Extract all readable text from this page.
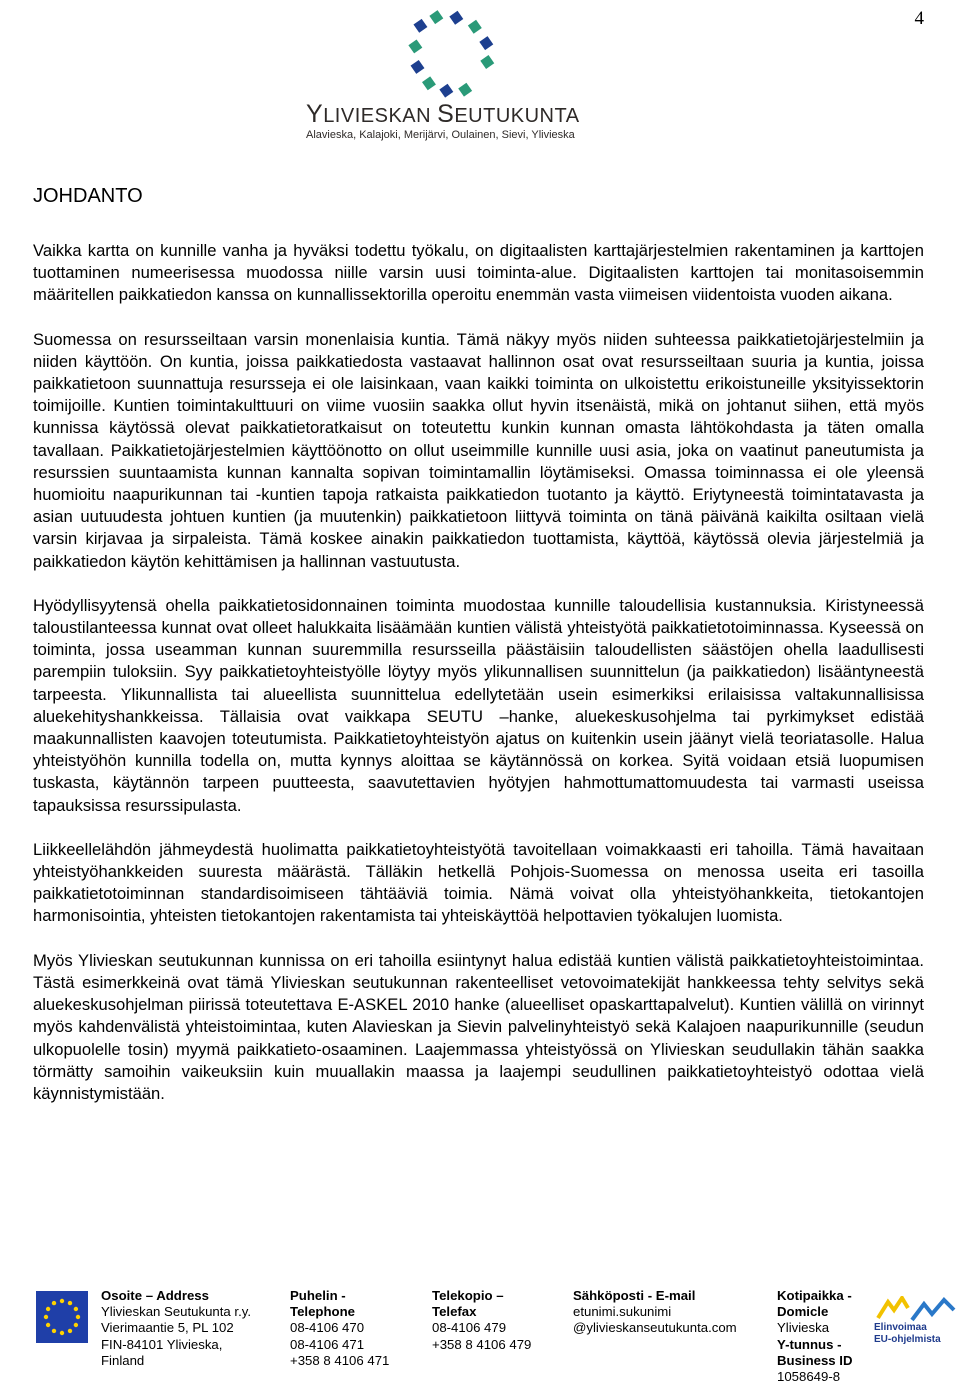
4
YLIVIESKAN SEUTUKUNTA
Alavieska, Kalajoki, Merijärvi, Oulainen, Sievi, Ylivieska
JOHDANTO

Vaikka kartta on kunnille vanha ja hyväksi todettu työkalu, on digitaalisten karttajärjestelmien rakentaminen ja karttojen tuottaminen numeerisessa muodossa niille varsin uusi toiminta-alue. Digitaalisten karttojen tai monitasoisemmin määritellen paikkatiedon kanssa on kunnallissektorilla operoitu enemmän vasta viimeisen viidentoista vuoden aikana.

Suomessa on resursseiltaan varsin monenlaisia kuntia. Tämä näkyy myös niiden suhteessa paikkatietojärjestelmiin ja niiden käyttöön. On kuntia, joissa paikkatiedosta vastaavat hallinnon osat ovat resursseiltaan suuria ja kuntia, joissa paikkatietoon suunnattuja resursseja ei ole laisinkaan, vaan kaikki toiminta on ulkoistettu erikoistuneille yksityissektorin toimijoille. Kuntien toimintakulttuuri on viime vuosiin saakka ollut hyvin itsenäistä, mikä on johtanut siihen, että myös kunnissa käytössä olevat paikkatietoratkaisut on toteutettu kunkin kunnan omasta lähtökohdasta ja täten omalla tavallaan. Paikkatietojärjestelmien käyttöönotto on ollut useimmille kunnille uusi asia, joka on vaatinut paneutumista ja resurssien suuntaamista kunnan kannalta sopivan toimintamallin löytämiseksi. Omassa toiminnassa ei ole yleensä huomioitu naapurikunnan tai -kuntien tapoja ratkaista paikkatiedon tuotanto ja käyttö. Eriytyneestä toimintatavasta ja asian uutuudesta johtuen kuntien (ja muutenkin) paikkatietoon liittyvä toiminta on tänä päivänä kaikilta osiltaan vielä varsin kirjavaa ja sirpaleista. Tämä koskee ainakin paikkatiedon tuottamista, käyttöä, käytössä olevia järjestelmiä ja paikkatiedon käytön kehittämisen ja hallinnan vastuutusta.

Hyödyllisyytensä ohella paikkatietosidonnainen toiminta muodostaa kunnille taloudellisia kustannuksia. Kiristyneessä taloustilanteessa kunnat ovat olleet halukkaita lisäämään kuntien välistä yhteistyötä paikkatietotoiminnassa. Kyseessä on toiminta, jossa useamman kunnan suuremmilla resursseilla päästäisiin taloudellisten säästöjen ohella laadullisesti parempiin tuloksiin. Syy paikkatietoyhteistyölle löytyy myös ylikunnallisen suunnittelun (ja paikkatiedon) lisääntyneestä tarpeesta. Ylikunnallista tai alueellista suunnittelua edellytetään usein esimerkiksi erilaisissa valtakunnallisissa aluekehityshankkeissa. Tällaisia ovat vaikkapa SEUTU –hanke, aluekeskusohjelma tai pyrkimykset edistää maakunnallisten kaavojen toteutumista. Paikkatietoyhteistyön ajatus on kuitenkin usein jäänyt vielä teoriatasolle. Halua yhteistyöhön kunnilla todella on, mutta kynnys aloittaa se käytännössä on korkea. Syitä voidaan etsiä luopumisen tuskasta, käytännön tarpeen puutteesta, saavutettavien hyötyjen hahmottumattomuudesta tai varmasti useissa tapauksissa resurssipulasta.

Liikkeellelähdön jähmeydestä huolimatta paikkatietoyhteistyötä tavoitellaan voimakkaasti eri tahoilla. Tämä havaitaan yhteistyöhankkeiden suuresta määrästä. Tälläkin hetkellä Pohjois-Suomessa on menossa useita eri tasoilla paikkatietotoiminnan standardisoimiseen tähtääviä toimia. Nämä voivat olla yhteistyöhankkeita, tietokantojen harmonisointia, yhteisten tietokantojen rakentamista tai yhteiskäyttöä helpottavien työkalujen luomista.

Myös Ylivieskan seutukunnan kunnissa on eri tahoilla esiintynyt halua edistää kuntien välistä paikkatietoyhteistoimintaa. Tästä esimerkkeinä ovat tämä Ylivieskan seutukunnan rakenteelliset vetovoimatekijät hankkeessa tehty selvitys sekä aluekeskusohjelman piirissä toteutettava E-ASKEL 2010 hanke (alueelliset opaskarttapalvelut). Kuntien välillä on virinnyt myös kahdenvälistä yhteistoimintaa, kuten Alavieskan ja Sievin palvelinyhteistyö sekä Kalajoen naapurikunnille (seudun ulkopuolelle tosin) myymä paikkatieto-osaaminen. Laajemmassa yhteistyössä on Ylivieskan seudullakin tähän saakka törmätty samoihin vaikeuksiin kuin muuallakin maassa ja laajempi seudullinen paikkatietoyhteistyö odottaa vielä käynnistymistään.

Osoite – Address
Ylivieskan Seutukunta r.y.
Vierimaantie 5, PL 102
FIN-84101 Ylivieska,
Finland
Puhelin -
Telephone
08-4106 470
08-4106 471
+358 8 4106 471
Telekopio –
Telefax
08-4106 479
+358 8 4106 479
Sähköposti - E-mail
etunimi.sukunimi
@ylivieskanseutukunta.com
Kotipaikka -
Domicle
Ylivieska
Y-tunnus -
Business ID
1058649-8
Elinvoimaa
EU-ohjelmista
